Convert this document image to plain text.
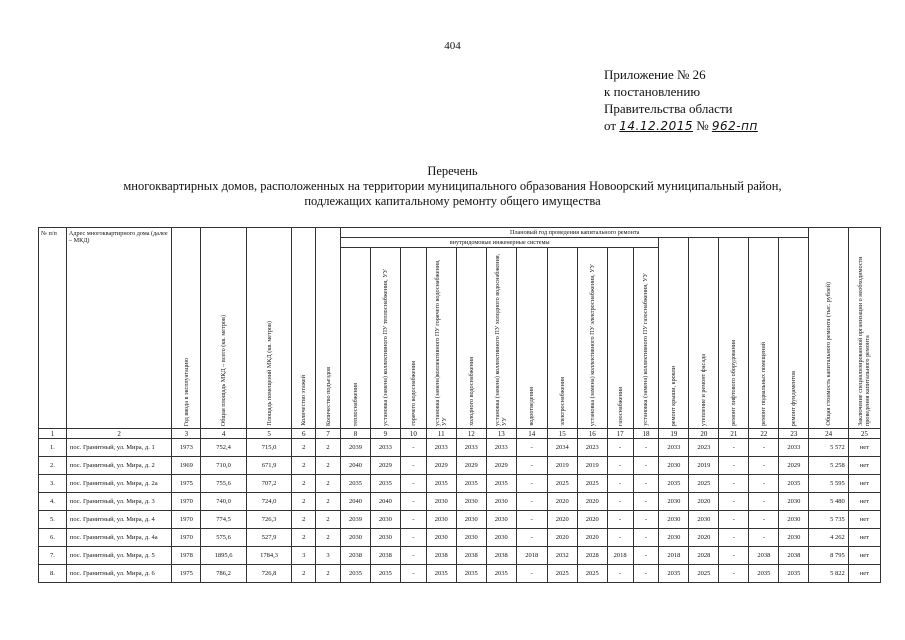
404
Приложение № 26
к постановлению
Правительства области
от 14.12.2015 № 962-пп
Перечень
многоквартирных домов, расположенных на территории муниципального образования Новоорский муниципальный район,
подлежащих капитальному ремонту общего имущества
№ п/п	Адрес многоквартирного дома (далее – МКД)	Год ввода в эксплуатацию	Общая площадь МКД – всего (кв. метров)	Площадь помещений МКД (кв. метров)	Количество этажей	Количество подъездов	Плановый год проведения капитального ремонта																Общая стоимость капитального ремонта (тыс. рублей)	Заключение специализированной организации о необходимости проведения капитального ремонта
							внутридомовые инженерные системы											ремонт крыши, кровли	утепление и ремонт фасада	ремонт лифтового оборудования	ремонт подвальных помещений	ремонт фундаментов		
							теплоснабжения	установка (замена) коллективного ПУ теплоснабжения, УУ	горячего водоснабжения	установка (замена)коллективного ПУ горячего водоснабжения, УУ	холодного водоснабжения	установка (замена) коллективного ПУ холодного водоснабжения, УУ	водоотведения	электроснабжения	установка (замена) коллективного ПУ электроснабжения, УУ	газоснабжения	установка (замена) коллективного ПУ газоснабжения, УУ							
1	2	3	4	5	6	7	8	9	10	11	12	13	14	15	16	17	18	19	20	21	22	23	24	25
1.	пос. Гранитный, ул. Мира, д. 1	1973	752,4	715,0	2	2	2039	2033	-	2033	2033	2033	-	2034	2023	-	-	2033	2023	-	-	2033	5 572	нет
2.	пос. Гранитный, ул. Мира, д. 2	1969	710,0	671,9	2	2	2040	2029	-	2029	2029	2029	-	2019	2019	-	-	2030	2019	-	-	2029	5 258	нет
3.	пос. Гранитный, ул. Мира, д. 2а	1975	755,6	707,2	2	2	2035	2035	-	2035	2035	2035	-	2025	2025	-	-	2035	2025	-	-	2035	5 595	нет
4.	пос. Гранитный, ул. Мира, д. 3	1970	740,0	724,0	2	2	2040	2040	-	2030	2030	2030	-	2020	2020	-	-	2030	2020	-	-	2030	5 480	нет
5.	пос. Гранитный, ул. Мира, д. 4	1970	774,5	726,3	2	2	2039	2030	-	2030	2030	2030	-	2020	2020	-	-	2030	2030	-	-	2030	5 735	нет
6.	пос. Гранитный, ул. Мира, д. 4а	1970	575,6	527,9	2	2	2030	2030	-	2030	2030	2030	-	2020	2020	-	-	2030	2020	-	-	2030	4 262	нет
7.	пос. Гранитный, ул. Мира, д. 5	1978	1895,6	1784,3	3	3	2038	2038	-	2038	2038	2038	2018	2032	2028	2018	-	2018	2028	-	2038	2038	8 795	нет
8.	пос. Гранитный, ул. Мира, д. 6	1975	786,2	726,8	2	2	2035	2035	-	2035	2035	2035	-	2025	2025	-	-	2035	2025	-	2035	2035	5 822	нет
